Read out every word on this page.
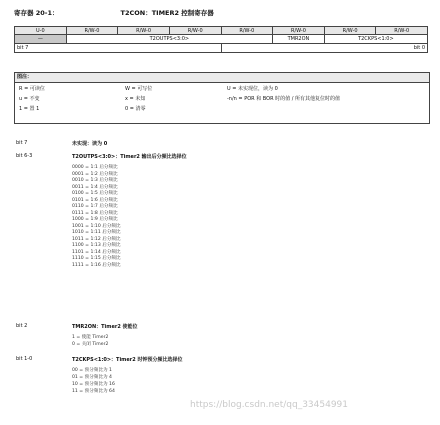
寄存器 20-1：	T2CON：TIMER2 控制寄存器
U-0	R/W-0	R/W-0	R/W-0	R/W-0	R/W-0	R/W-0	R/W-0
—	T2OUTPS<3:0>				TMR2ON	T2CKPS<1:0>	
bit 7				bit 0			
图注：
R = 可读位	W = 可写位	U = 未实现位，读为 0
u = 不变	x = 未知	-n/n = POR 和 BOR 时的值 / 所有其他复位时的值
1 = 置 1	0 = 清零
bit 7	未实现：读为 0
bit 6-3	T2OUTPS<3:0>：Timer2 输出后分频比选择位
0000 = 1:1 后分频比
0001 = 1:2 后分频比
0010 = 1:3 后分频比
0011 = 1:4 后分频比
0100 = 1:5 后分频比
0101 = 1:6 后分频比
0110 = 1:7 后分频比
0111 = 1:8 后分频比
1000 = 1:9 后分频比
1001 = 1:10 后分频比
1010 = 1:11 后分频比
1011 = 1:12 后分频比
1100 = 1:13 后分频比
1101 = 1:14 后分频比
1110 = 1:15 后分频比
1111 = 1:16 后分频比
bit 2	TMR2ON：Timer2 使能位
1 = 使能 Timer2
0 = 关闭 Timer2
bit 1-0	T2CKPS<1:0>：Timer2 时钟预分频比选择位
00 = 预分频比为 1
01 = 预分频比为 4
10 = 预分频比为 16
11 = 预分频比为 64
https://blog.csdn.net/qq_33454991
